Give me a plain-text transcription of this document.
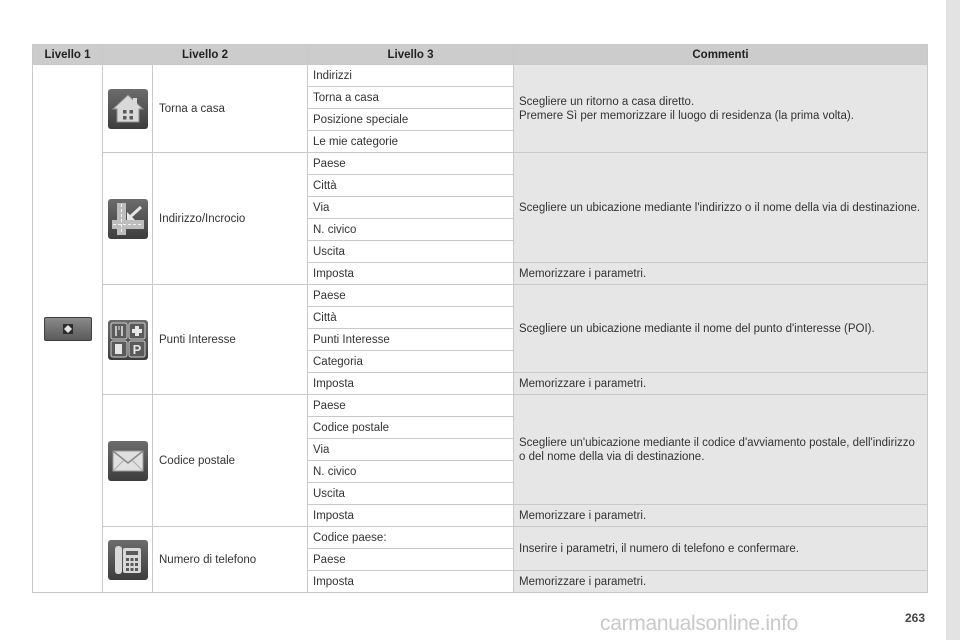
Livello 1	Livello 2		Livello 3	Commenti

	Torna a casa	Indirizzi	Scegliere un ritorno a casa diretto.
Premere Sì per memorizzare il luogo di residenza (la prima volta).

			Torna a casa	
			Posizione speciale	
			Le mie categorie	

	Indirizzo/Incrocio	Paese	Scegliere un ubicazione mediante l'indirizzo o il nome della via di destinazione.

			Città	
			Via	
			N. civico	
			Uscita	
			Imposta	Memorizzare i parametri.

P	Punti Interesse	Paese	Scegliere un ubicazione mediante il nome del punto d'interesse (POI).

			Città	
			Punti Interesse	
			Categoria	
			Imposta	Memorizzare i parametri.

	Codice postale	Paese	Scegliere un'ubicazione mediante il codice d'avviamento postale, dell'indirizzo o del nome della via di destinazione.

			Codice postale	
			Via	
			N. civico	
			Uscita	
			Imposta	Memorizzare i parametri.

	Numero di telefono	Codice paese:	Inserire i parametri, il numero di telefono e confermare.

			Paese	
			Imposta	Memorizzare i parametri.
carmanualsonline.info	263
